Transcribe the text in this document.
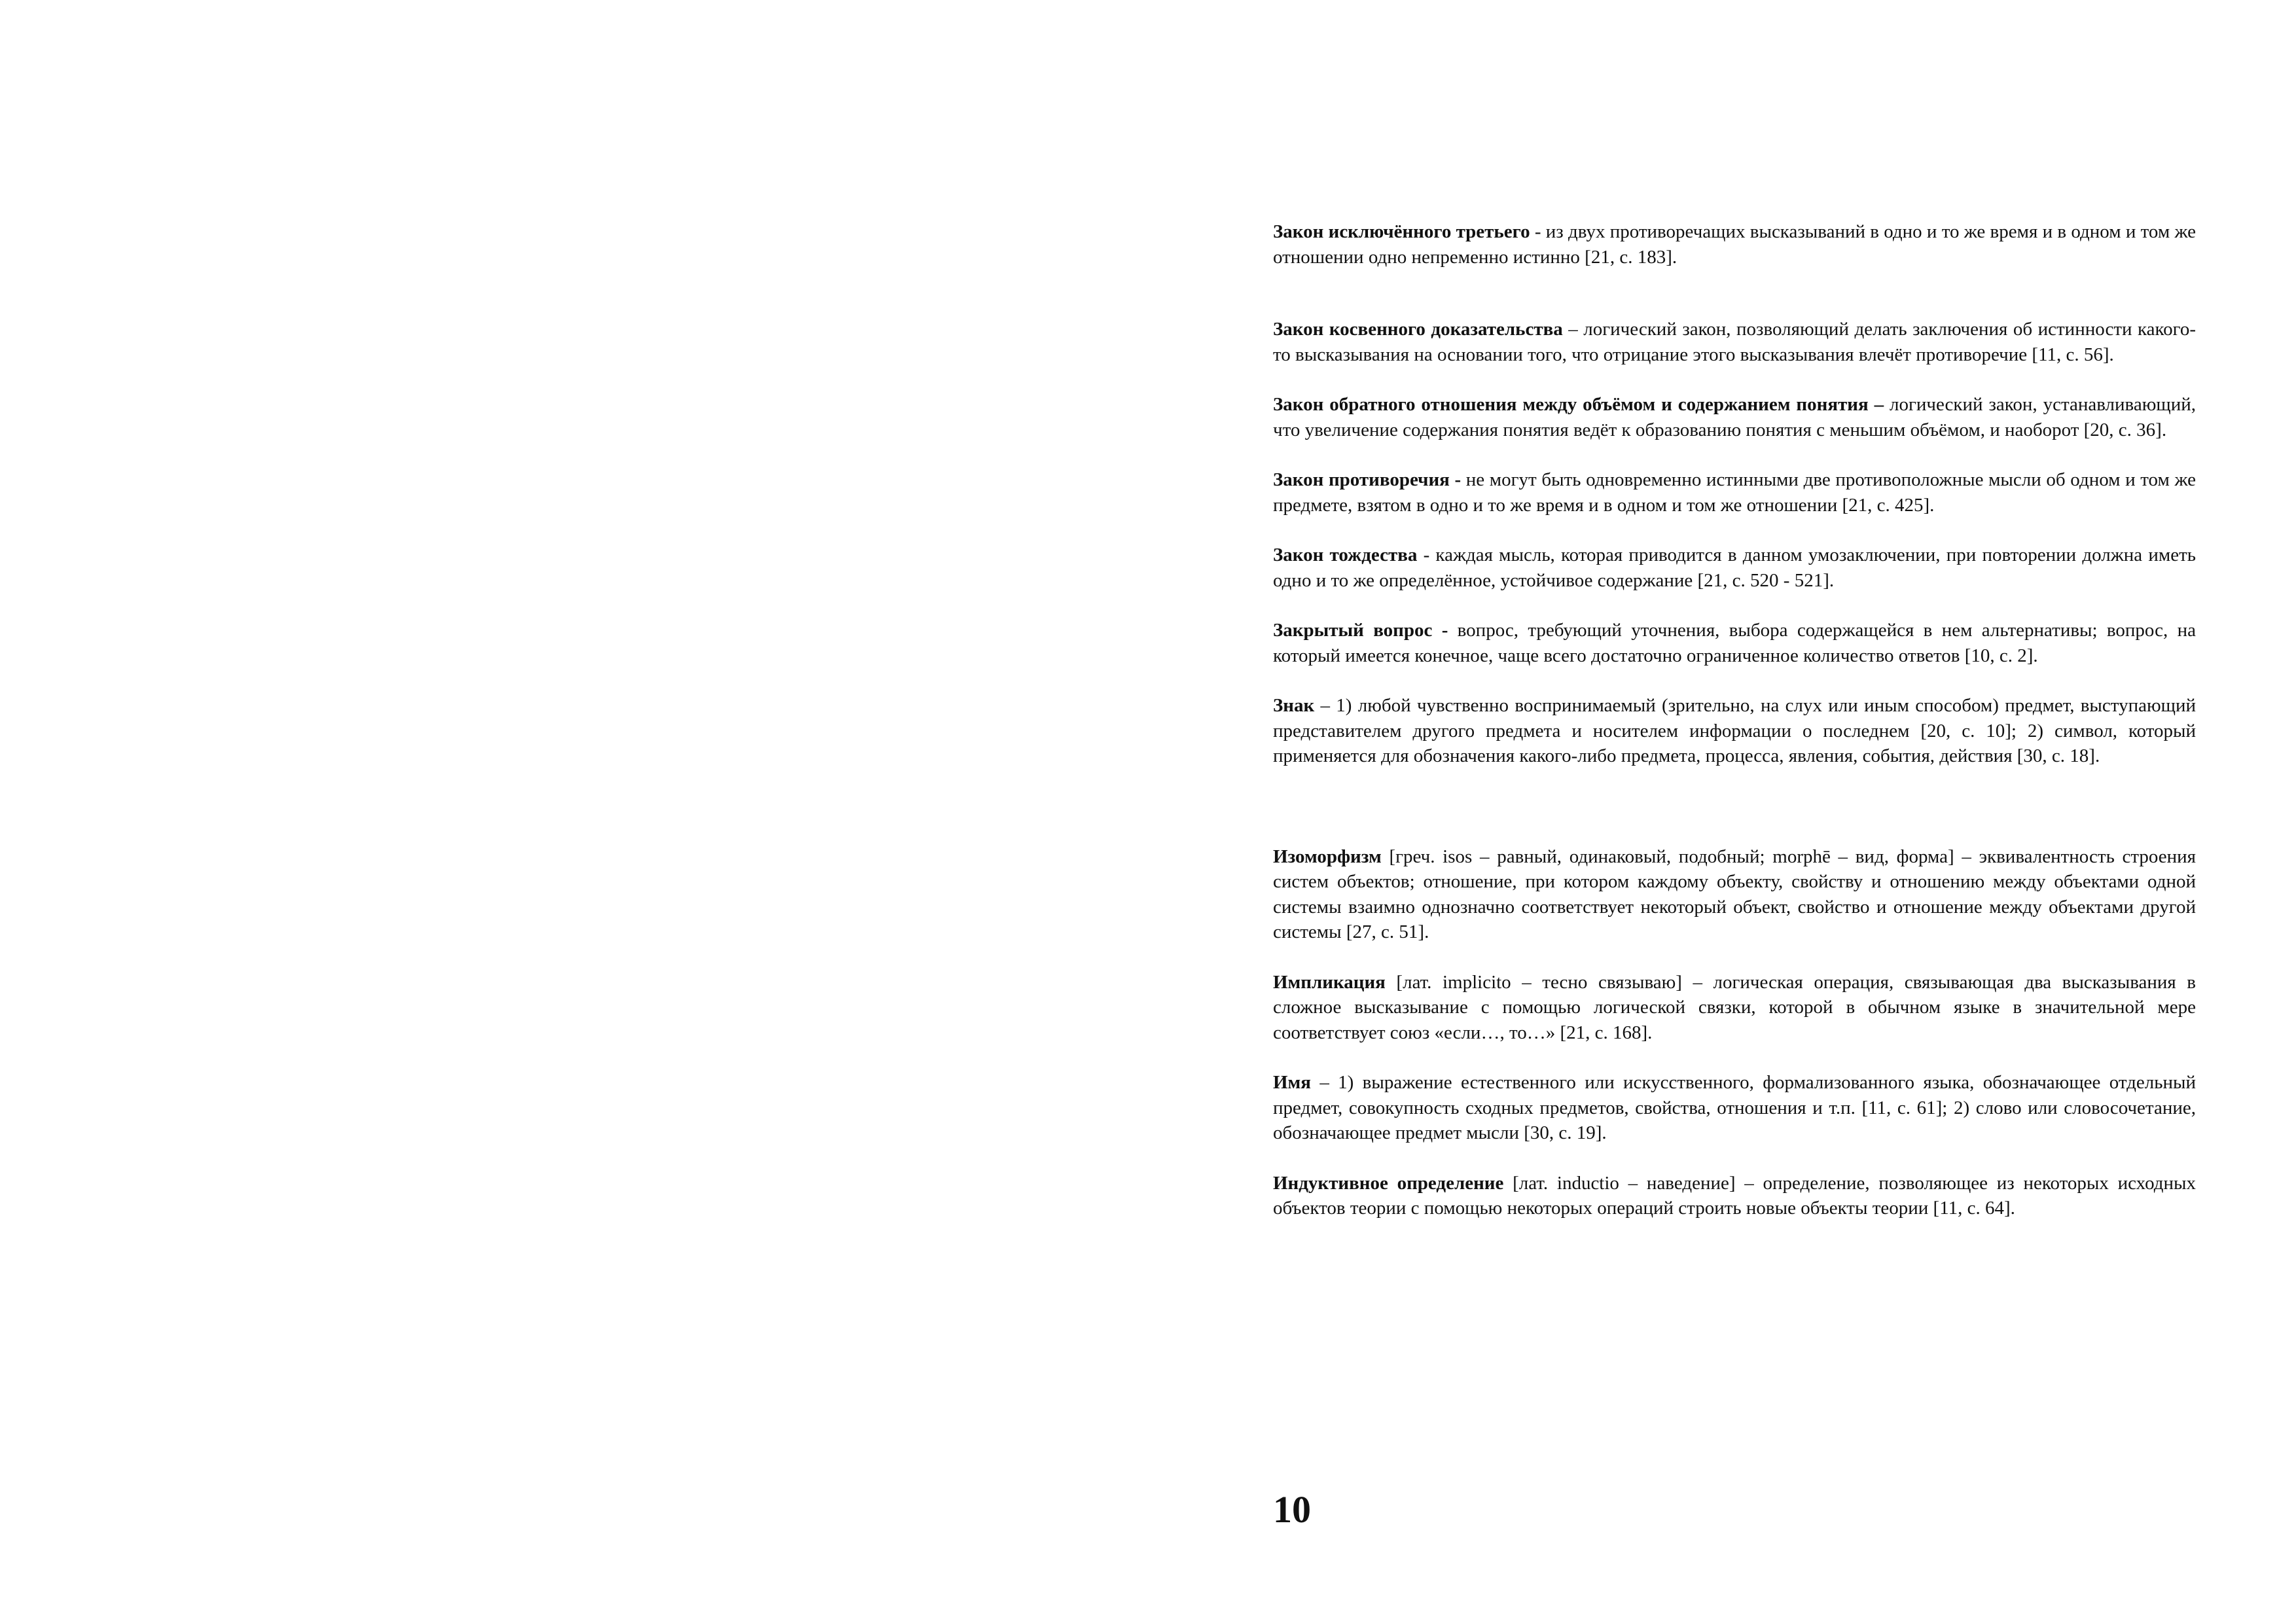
Закон исключённого третьего - из двух противоречащих высказываний в одно и то же время и в одном и том же отношении одно непременно истинно [21, с. 183].

Закон косвенного доказательства – логический закон, позволяющий делать заключения об истинности какого-то высказывания на основании того, что отрицание этого высказывания влечёт противоречие [11, с. 56].

Закон обратного отношения между объёмом и содержанием понятия – логический закон, устанавливающий, что увеличение содержания понятия ведёт к образованию понятия с меньшим объёмом, и наоборот [20, с. 36].

Закон противоречия - не могут быть одновременно истинными две противоположные мысли об одном и том же предмете, взятом в одно и то же время и в одном и том же отношении [21, с. 425].

Закон тождества - каждая мысль, которая приводится в данном умозаключении, при повторении должна иметь одно и то же определённое, устойчивое содержание [21, с. 520 - 521].

Закрытый вопрос - вопрос, требующий уточнения, выбора содержащейся в нем альтернативы; вопрос, на который имеется конечное, чаще всего достаточно ограниченное количество ответов [10, с. 2].

Знак – 1) любой чувственно воспринимаемый (зрительно, на слух или иным способом) предмет, выступающий представителем другого предмета и носителем информации о последнем [20, с. 10]; 2) символ, который применяется для обозначения какого-либо предмета, процесса, явления, события, действия [30, с. 18].

Изоморфизм [греч. isos – равный, одинаковый, подобный; morphē – вид, форма] – эквивалентность строения систем объектов; отношение, при котором каждому объекту, свойству и отношению между объектами одной системы взаимно однозначно соответствует некоторый объект, свойство и отношение между объектами другой системы [27, с. 51].

Импликация [лат. implicito – тесно связываю] – логическая операция, связывающая два высказывания в сложное высказывание с помощью логической связки, которой в обычном языке в значительной мере соответствует союз «если…, то…» [21, с. 168].

Имя – 1) выражение естественного или искусственного, формализованного языка, обозначающее отдельный предмет, совокупность сходных предметов, свойства, отношения и т.п. [11, с. 61]; 2) слово или словосочетание, обозначающее предмет мысли [30, с. 19].

Индуктивное определение [лат. inductio – наведение] – определение, позволяющее из некоторых исходных объектов теории с помощью некоторых операций строить новые объекты теории [11, с. 64].

10
